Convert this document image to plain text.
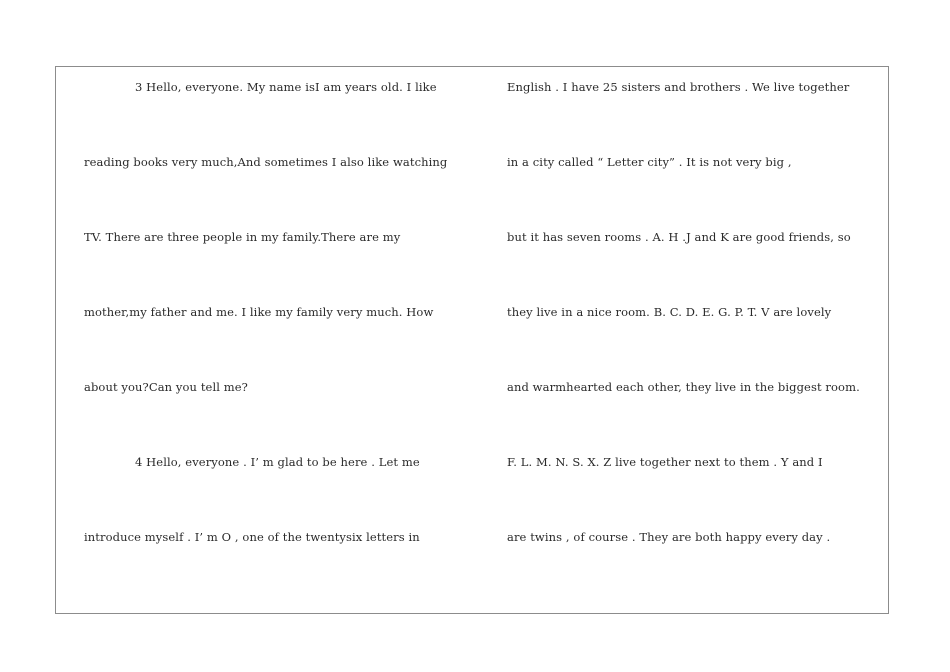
3 Hello, everyone. My name isI am years old. I like
reading books very much,And sometimes I also like watching
TV. There are three people in my family.There are my
mother,my father and me. I like my family very much. How
about you?Can you tell me?
4 Hello, everyone . I’ m glad to be here . Let me
introduce myself . I’ m O , one of the twentysix letters in
English . I have 25 sisters and brothers . We live together
in a city called “ Letter city” . It is not very big ,
but it has seven rooms . A. H .J and K are good friends, so
they live in a nice room. B. C. D. E. G. P. T. V are lovely
and warmhearted each other, they live in the biggest room.
F. L. M. N. S. X. Z live together next to them . Y and I
are twins , of course . They are both happy every day .
